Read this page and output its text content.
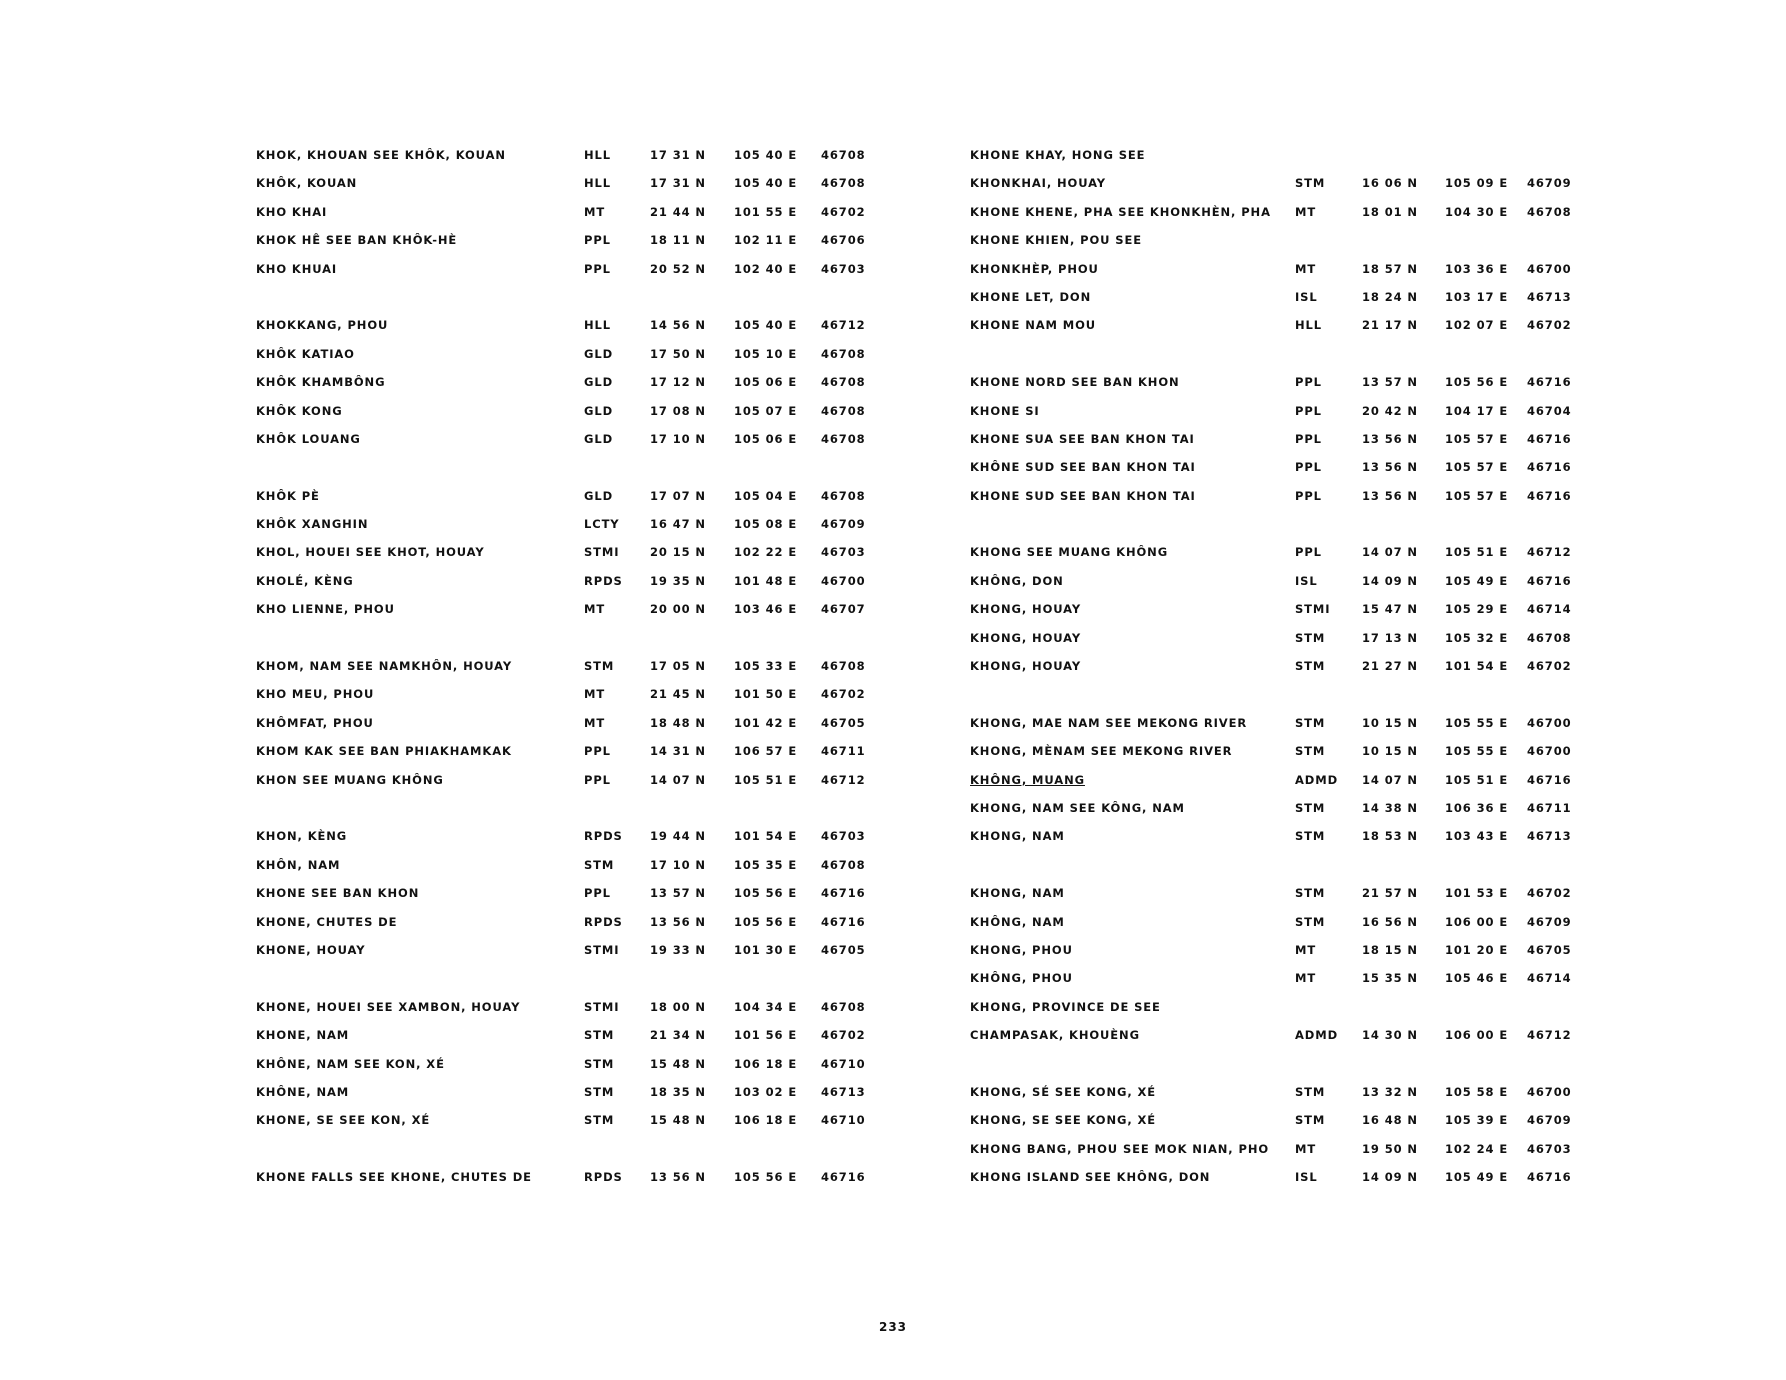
KHOK, KHOUAN SEE KHÔK, KOUAN	HLL	17 31 N 105 40 E 46708
KHÔK, KOUAN	HLL	17 31 N 105 40 E 46708
KHO KHAI	MT	21 44 N 101 55 E 46702
KHOK HÊ SEE BAN KHÔK-HÈ	PPL	18 11 N 102 11 E 46706
KHO KHUAI	PPL	20 52 N 102 40 E 46703
KHOKKANG, PHOU	HLL	14 56 N 105 40 E 46712
KHÔK KATIAO	GLD	17 50 N 105 10 E 46708
KHÔK KHAMBÔNG	GLD	17 12 N 105 06 E 46708
KHÔK KONG	GLD	17 08 N 105 07 E 46708
KHÔK LOUANG	GLD	17 10 N 105 06 E 46708
KHÔK PÈ	GLD	17 07 N 105 04 E 46708
KHÔK XANGHIN	LCTY	16 47 N 105 08 E 46709
KHOL, HOUEI SEE KHOT, HOUAY	STMI	20 15 N 102 22 E 46703
KHOLÉ, KÈNG	RPDS 19 35 N 101 48 E 46700
KHO LIENNE, PHOU	MT	20 00 N 103 46 E 46707
KHOM, NAM SEE NAMKHÔN, HOUAY	STM	17 05 N 105 33 E 46708
KHO MEU, PHOU	MT	21 45 N 101 50 E 46702
KHÔMFAT, PHOU	MT	18 48 N 101 42 E 46705
KHOM KAK SEE BAN PHIAKHAMKAK	PPL	14 31 N 106 57 E 46711
KHON SEE MUANG KHÔNG	PPL	14 07 N 105 51 E 46712
KHON, KÈNG	RPDS 19 44 N 101 54 E 46703
KHÔN, NAM	STM	17 10 N 105 35 E 46708
KHONE SEE BAN KHON	PPL	13 57 N 105 56 E 46716
KHONE, CHUTES DE	RPDS 13 56 N 105 56 E 46716
KHONE, HOUAY	STMI	19 33 N 101 30 E 46705
KHONE, HOUEI SEE XAMBON, HOUAY	STMI	18 00 N 104 34 E 46708
KHONE, NAM	STM	21 34 N 101 56 E 46702
KHÔNE, NAM SEE KON, XÉ	STM	15 48 N 106 18 E 46710
KHÔNE, NAM	STM	18 35 N 103 02 E 46713
KHONE, SE SEE KON, XÉ	STM	15 48 N 106 18 E 46710
KHONE FALLS SEE KHONE, CHUTES DE	RPDS 13 56 N 105 56 E 46716
KHONE KHAY, HONG SEE
KHONKHAI, HOUAY	STM	16 06 N 105 09 E 46709
KHONE KHENE, PHA SEE KHONKHÈN, PHA MT	18 01 N 104 30 E 46708
KHONE KHIEN, POU SEE
KHONKHÈP, PHOU	MT	18 57 N 103 36 E 46700
KHONE LET, DON	ISL	18 24 N 103 17 E 46713
KHONE NAM MOU	HLL	21 17 N 102 07 E 46702
KHONE NORD SEE BAN KHON	PPL	13 57 N 105 56 E 46716
KHONE SI	PPL	20 42 N 104 17 E 46704
KHONE SUA SEE BAN KHON TAI	PPL	13 56 N 105 57 E 46716
KHÔNE SUD SEE BAN KHON TAI	PPL	13 56 N 105 57 E 46716
KHONE SUD SEE BAN KHON TAI	PPL	13 56 N 105 57 E 46716
KHONG SEE MUANG KHÔNG	PPL	14 07 N 105 51 E 46712
KHÔNG, DON	ISL	14 09 N 105 49 E 46716
KHONG, HOUAY	STMI	15 47 N 105 29 E 46714
KHONG, HOUAY	STM	17 13 N 105 32 E 46708
KHONG, HOUAY	STM	21 27 N 101 54 E 46702
KHONG, MAE NAM SEE MEKONG RIVER	STM	10 15 N 105 55 E 46700
KHONG, MÈNAM SEE MEKONG RIVER	STM	10 15 N 105 55 E 46700
KHÔNG, MUANG	ADMD 14 07 N 105 51 E 46716
KHONG, NAM SEE KÔNG, NAM	STM	14 38 N 106 36 E 46711
KHONG, NAM	STM	18 53 N 103 43 E 46713
KHONG, NAM	STM	21 57 N 101 53 E 46702
KHÔNG, NAM	STM	16 56 N 106 00 E 46709
KHONG, PHOU	MT	18 15 N 101 20 E 46705
KHÔNG, PHOU	MT	15 35 N 105 46 E 46714
KHONG, PROVINCE DE SEE
CHAMPASAK, KHOUÈNG	ADMD 14 30 N 106 00 E 46712
KHONG, SÉ SEE KONG, XÉ	STM	13 32 N 105 58 E 46700
KHONG, SE SEE KONG, XÉ	STM	16 48 N 105 39 E 46709
KHONG BANG, PHOU SEE MOK NIAN, PHO MT	19 50 N 102 24 E 46703
KHONG ISLAND SEE KHÔNG, DON	ISL	14 09 N 105 49 E 46716
233
